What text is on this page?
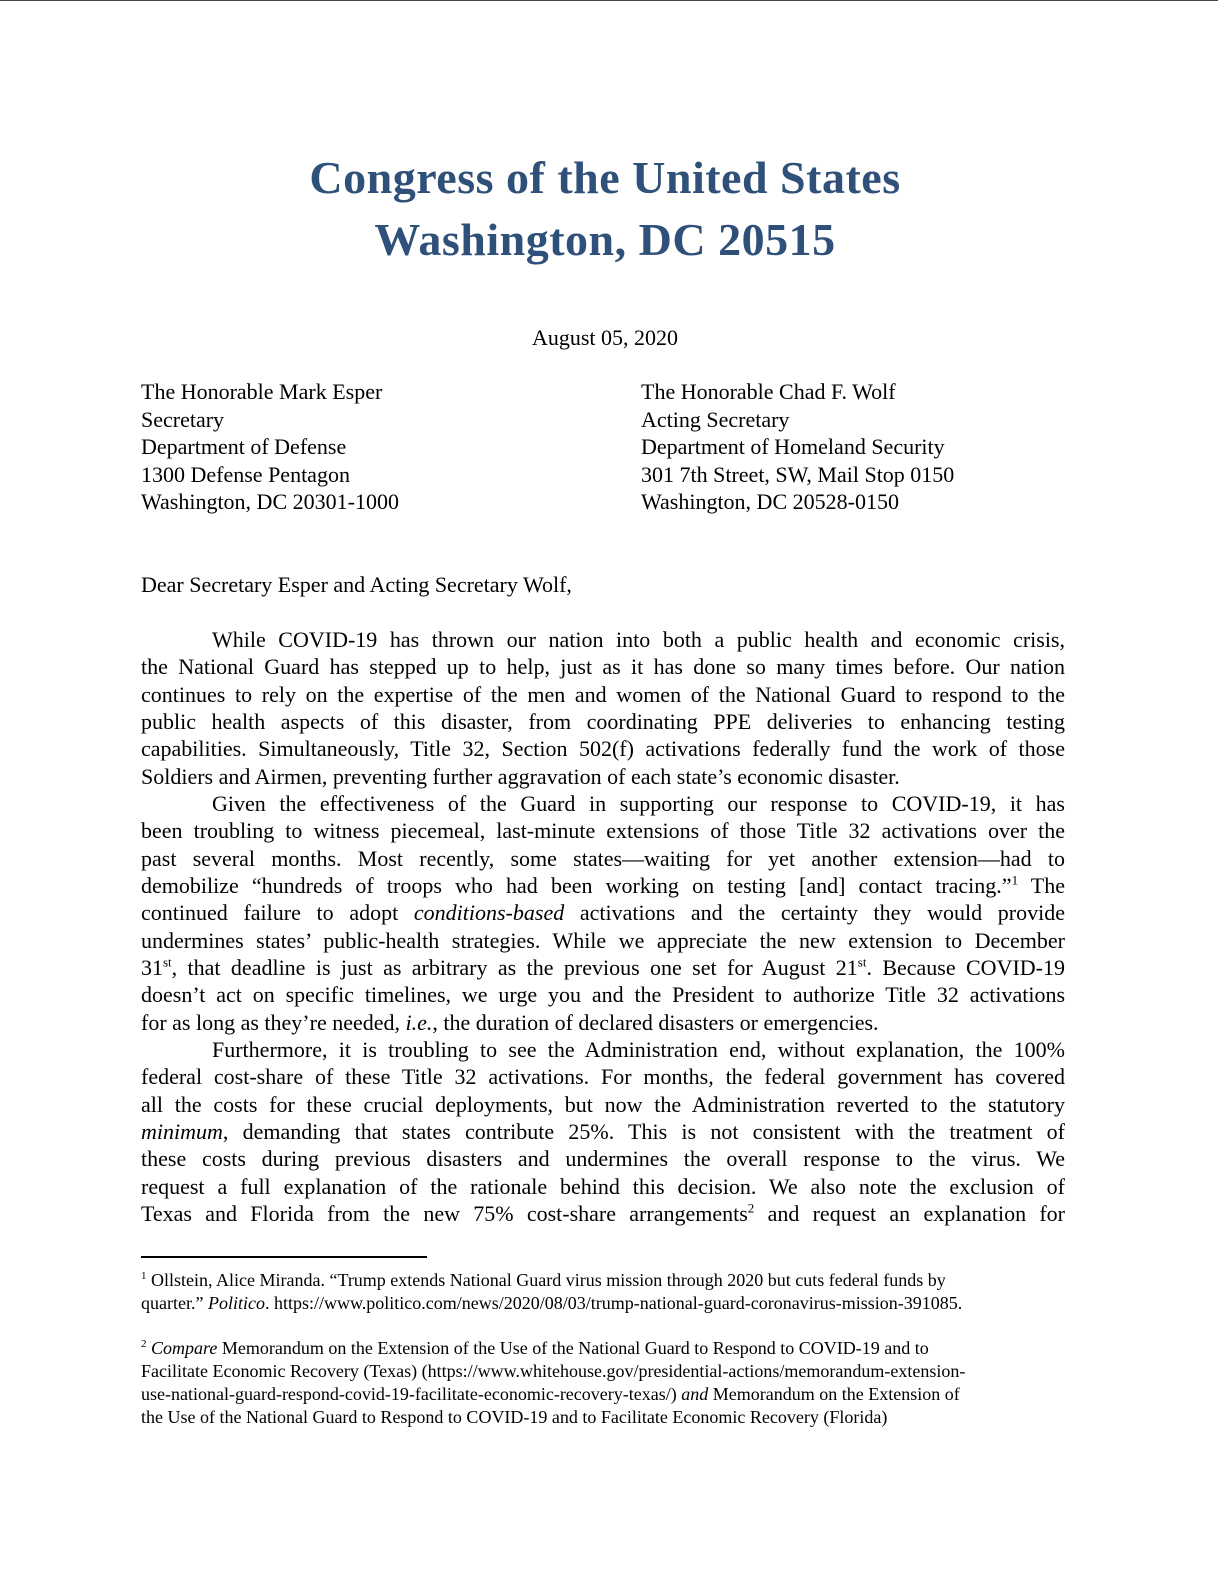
Congress of the United States
Washington, DC 20515
August 05, 2020
The Honorable Mark Esper
Secretary
Department of Defense
1300 Defense Pentagon
Washington, DC 20301-1000
The Honorable Chad F. Wolf
Acting Secretary
Department of Homeland Security
301 7th Street, SW, Mail Stop 0150
Washington, DC 20528-0150
Dear Secretary Esper and Acting Secretary Wolf,
While COVID-19 has thrown our nation into both a public health and economic crisis,
the National Guard has stepped up to help, just as it has done so many times before. Our nation
continues to rely on the expertise of the men and women of the National Guard to respond to the
public health aspects of this disaster, from coordinating PPE deliveries to enhancing testing
capabilities. Simultaneously, Title 32, Section 502(f) activations federally fund the work of those
Soldiers and Airmen, preventing further aggravation of each state’s economic disaster.
Given the effectiveness of the Guard in supporting our response to COVID-19, it has
been troubling to witness piecemeal, last-minute extensions of those Title 32 activations over the
past several months. Most recently, some states—waiting for yet another extension—had to
demobilize “hundreds of troops who had been working on testing [and] contact tracing.”$^1$ The
continued failure to adopt conditions-based activations and the certainty they would provide
undermines states’ public-health strategies. While we appreciate the new extension to December
31st, that deadline is just as arbitrary as the previous one set for August 21st. Because COVID-19
doesn’t act on specific timelines, we urge you and the President to authorize Title 32 activations
for as long as they’re needed, i.e., the duration of declared disasters or emergencies.
Furthermore, it is troubling to see the Administration end, without explanation, the 100%
federal cost-share of these Title 32 activations. For months, the federal government has covered
all the costs for these crucial deployments, but now the Administration reverted to the statutory
minimum, demanding that states contribute 25%. This is not consistent with the treatment of
these costs during previous disasters and undermines the overall response to the virus. We
request a full explanation of the rationale behind this decision. We also note the exclusion of
Texas and Florida from the new 75% cost-share arrangements$^2$ and request an explanation for
$^1$ Ollstein, Alice Miranda. “Trump extends National Guard virus mission through 2020 but cuts federal funds by
quarter.” Politico. https://www.politico.com/news/2020/08/03/trump-national-guard-coronavirus-mission-391085.
$^2$ Compare Memorandum on the Extension of the Use of the National Guard to Respond to COVID-19 and to
Facilitate Economic Recovery (Texas) (https://www.whitehouse.gov/presidential-actions/memorandum-extension-
use-national-guard-respond-covid-19-facilitate-economic-recovery-texas/) and Memorandum on the Extension of
the Use of the National Guard to Respond to COVID-19 and to Facilitate Economic Recovery (Florida)
